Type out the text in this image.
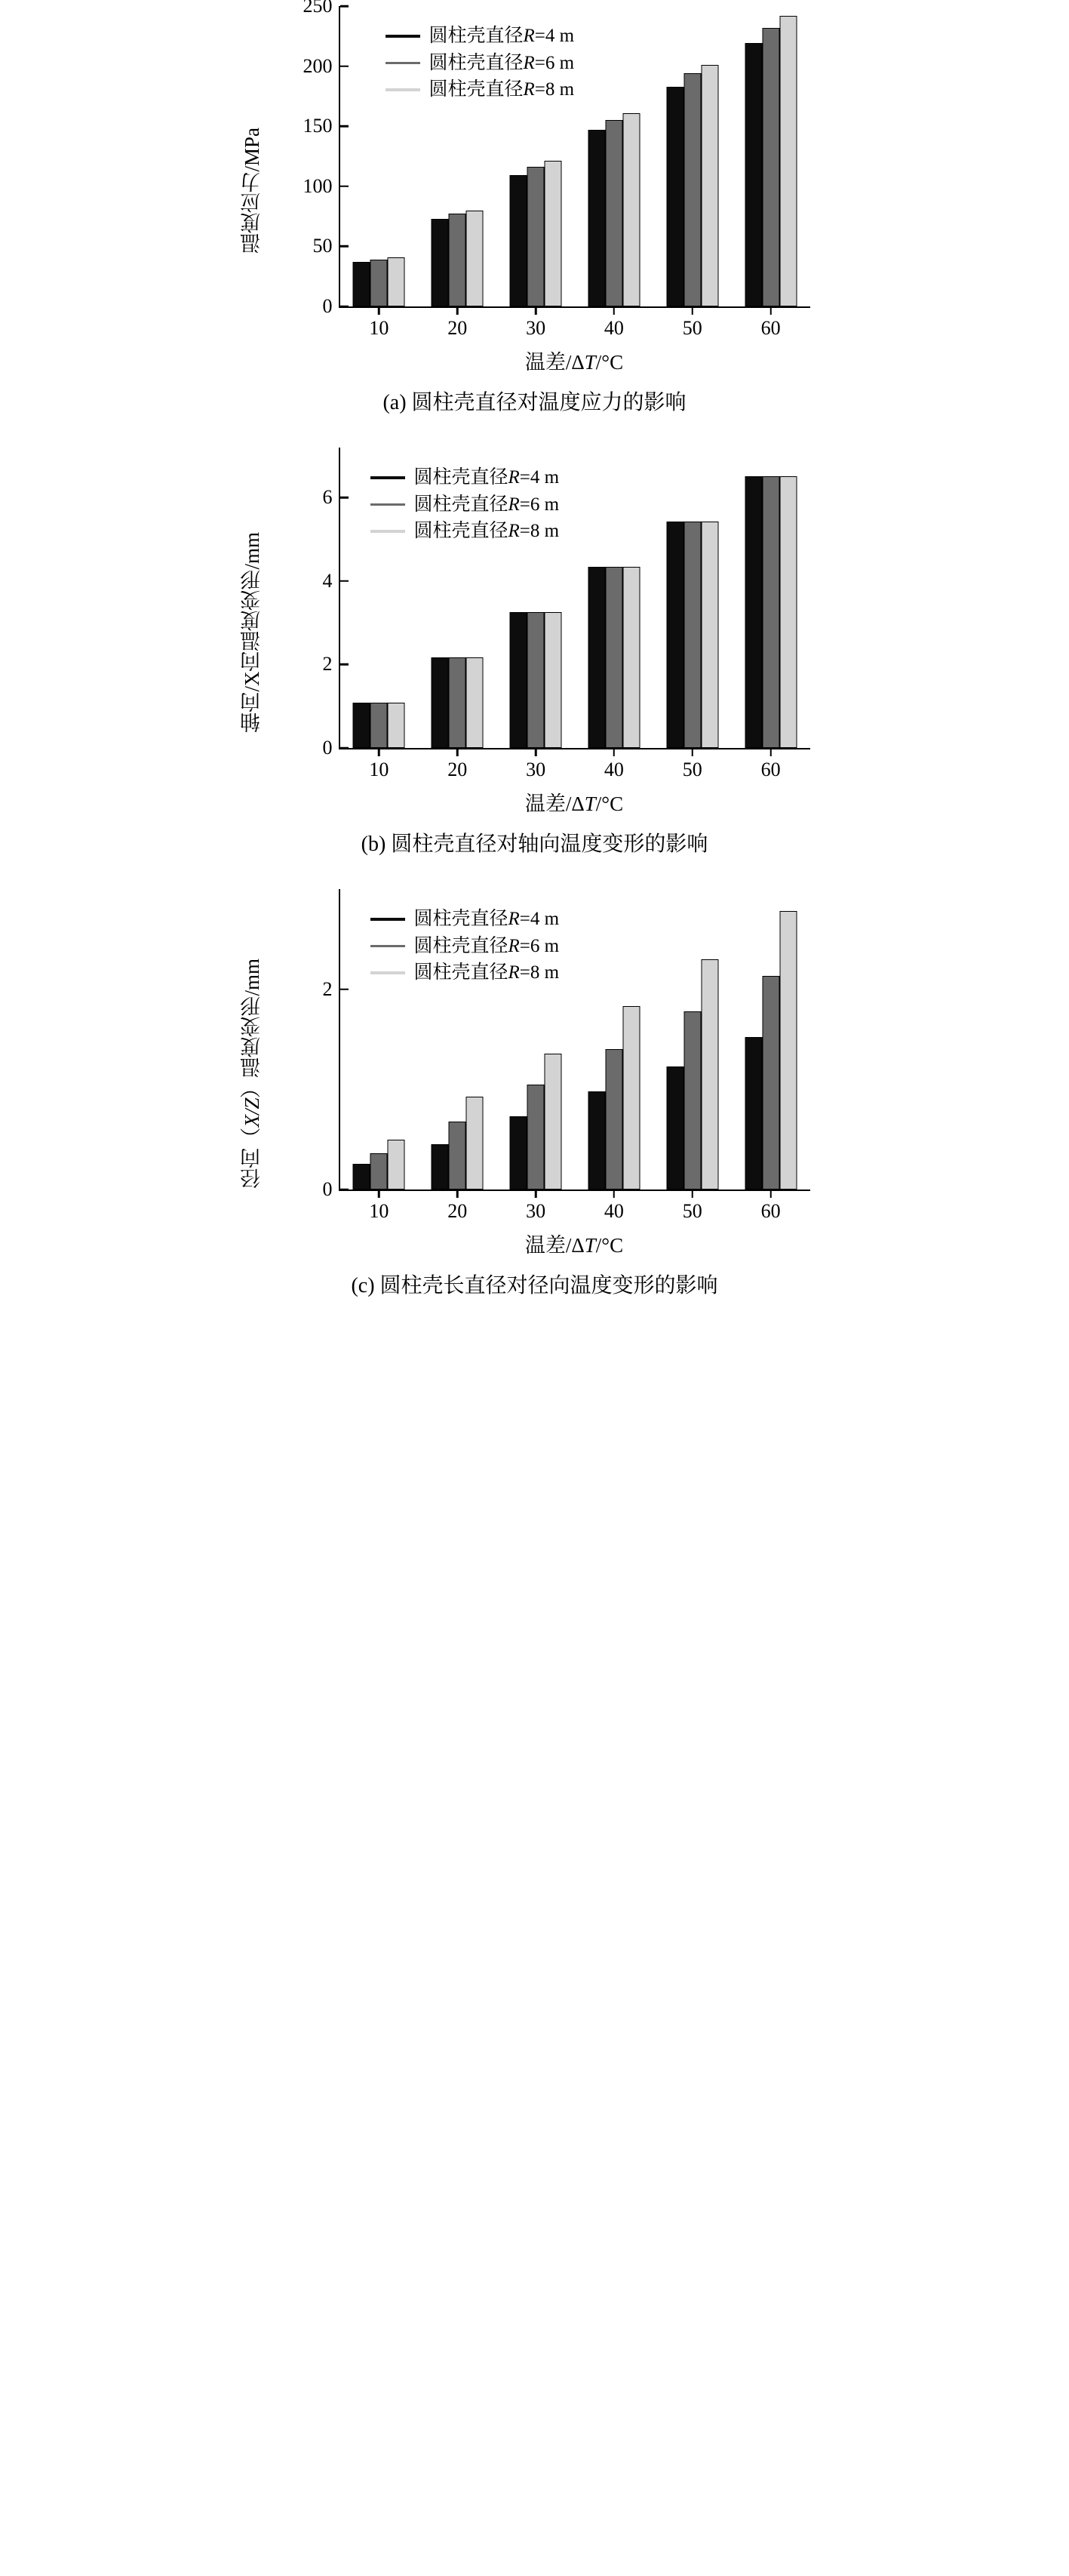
温度应力/MPa
圆柱壳直径R=4 m
圆柱壳直径R=6 m
圆柱壳直径R=8 m
0
50
100
150
200
250
10	20	30	40	50	60
温差/ΔT/°C
(a) 圆柱壳直径对温度应力的影响
轴向/X向温度变形/mm
圆柱壳直径R=4 m
圆柱壳直径R=6 m
圆柱壳直径R=8 m
0
2
4
6
10	20	30	40	50	60
温差/ΔT/°C
(b) 圆柱壳直径对轴向温度变形的影响
径向（X/Z）温度变形/mm
圆柱壳直径R=4 m
圆柱壳直径R=6 m
圆柱壳直径R=8 m
0
2
10	20	30	40	50	60
温差/ΔT/°C
(c) 圆柱壳长直径对径向温度变形的影响
